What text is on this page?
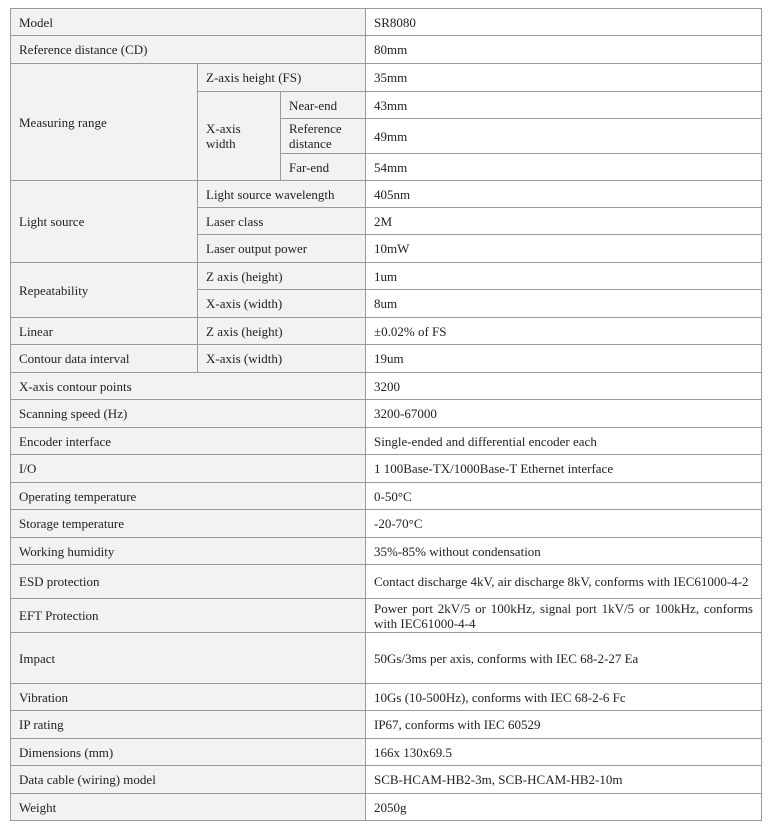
Model			SR8080
Reference distance (CD)			80mm
Measuring range	Z-axis height (FS)		35mm
	X-axis width	Near-end	43mm
		Reference distance	49mm
		Far-end	54mm
Light source	Light source wavelength		405nm
	Laser class		2M
	Laser output power		10mW
Repeatability	Z axis (height)		1um
	X-axis (width)		8um
Linear	Z axis (height)		±0.02% of FS
Contour data interval	X-axis (width)		19um
X-axis contour points			3200
Scanning speed (Hz)			3200-67000
Encoder interface			Single-ended and differential encoder each
I/O			1 100Base-TX/1000Base-T Ethernet interface
Operating temperature			0-50°C
Storage temperature			-20-70°C
Working humidity			35%-85% without condensation
ESD protection			Contact discharge 4kV, air discharge 8kV, conforms with IEC61000-4-2
EFT Protection			Power port 2kV/5 or 100kHz, signal port 1kV/5 or 100kHz, conforms with IEC61000-4-4
Impact			50Gs/3ms per axis, conforms with IEC 68-2-27 Ea
Vibration			10Gs (10-500Hz), conforms with IEC 68-2-6 Fc
IP rating			IP67, conforms with IEC 60529
Dimensions (mm)			166x 130x69.5
Data cable (wiring) model			SCB-HCAM-HB2-3m, SCB-HCAM-HB2-10m
Weight			2050g
